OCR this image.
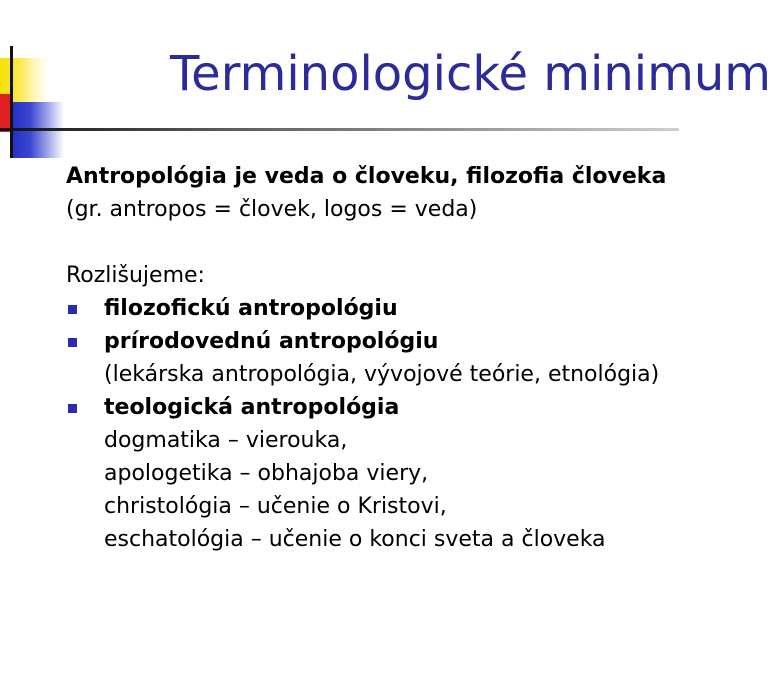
Terminologické minimum
Antropológia je veda o človeku, filozofia človeka
(gr. antropos = človek, logos = veda)
Rozlišujeme:
filozofickú antropológiu
prírodovednú antropológiu
(lekárska antropológia, vývojové teórie, etnológia)
teologická antropológia
dogmatika – vierouka,
apologetika – obhajoba viery,
christológia – učenie o Kristovi,
eschatológia – učenie o konci sveta a človeka
